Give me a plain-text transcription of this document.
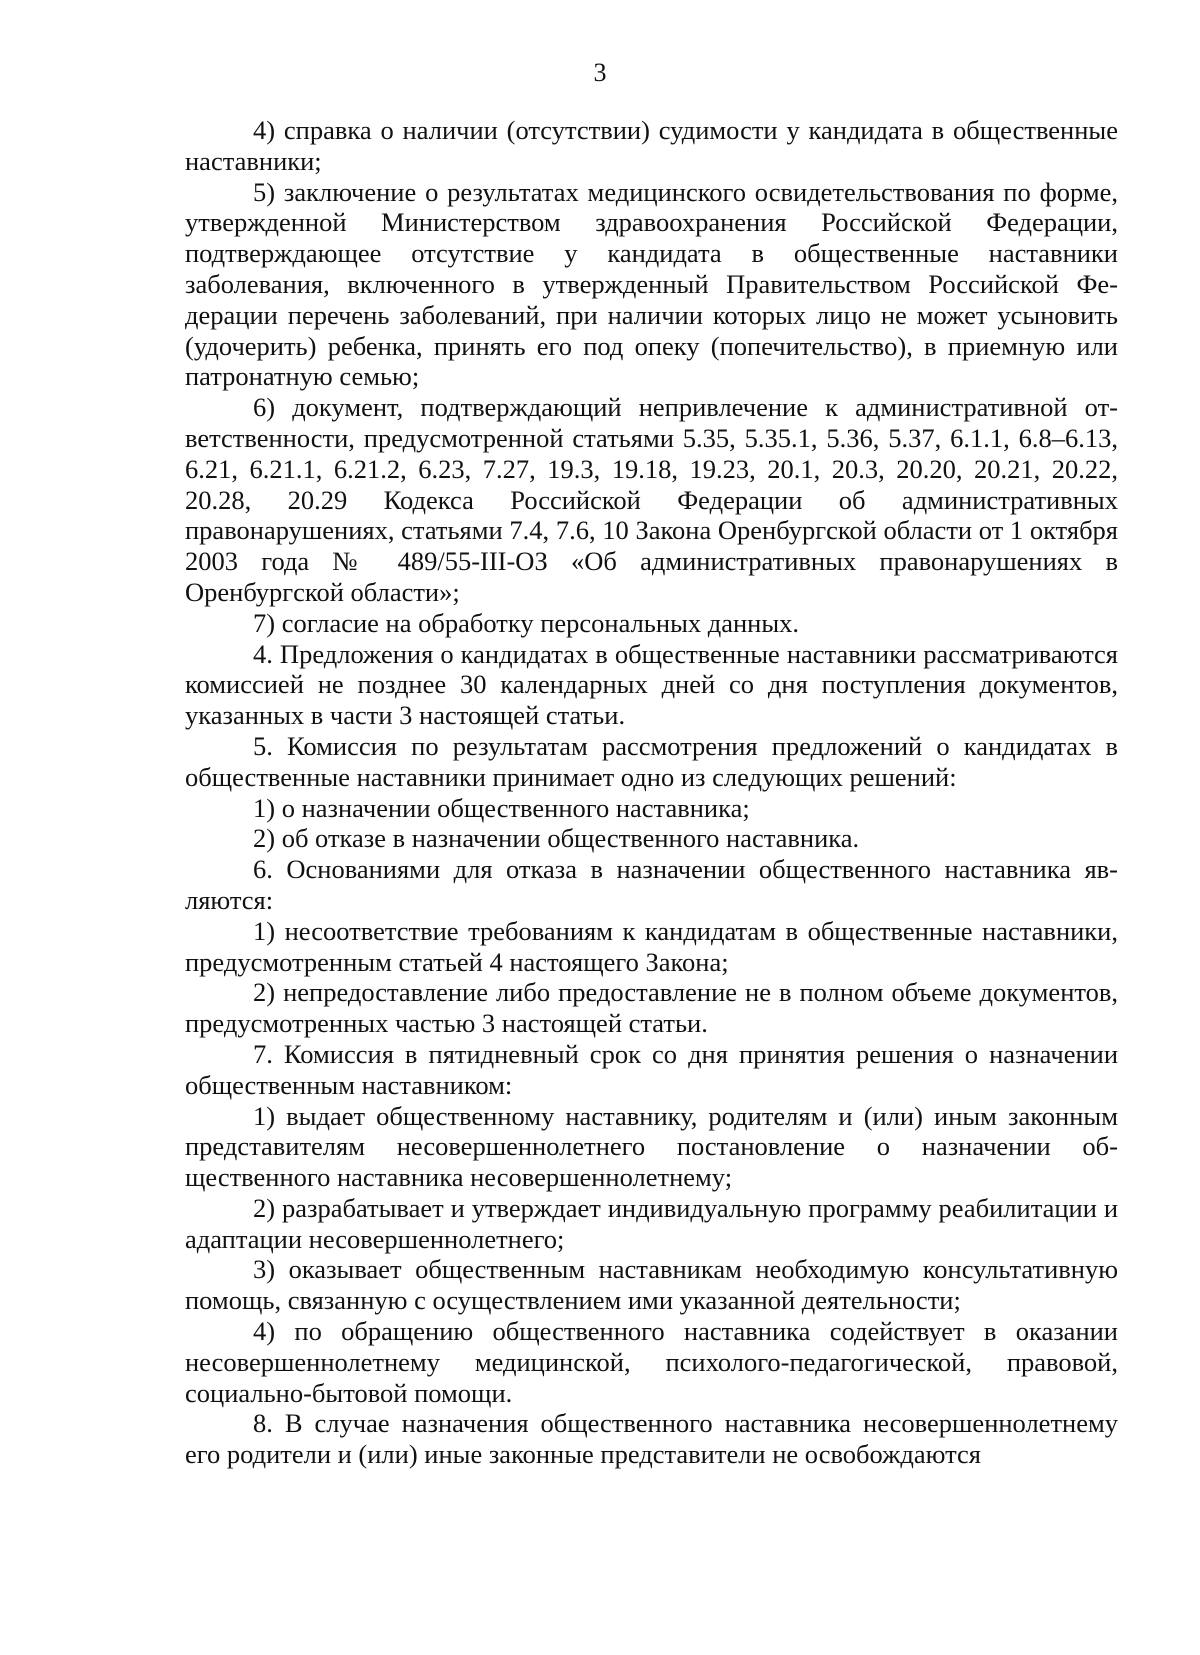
3

4) справка о наличии (отсутствии) судимости у кандидата в общественные наставники;

5) заключение о результатах медицинского освидетельствования по форме, утвержденной Министерством здравоохранения Российской Федерации, подтверждающее отсутствие у кандидата в общественные наставники заболевания, включенного в утвержденный Правительством Российской Федерации перечень заболеваний, при наличии которых лицо не может усыновить (удочерить) ребенка, принять его под опеку (попечительство), в приемную или патронатную семью;

6) документ, подтверждающий непривлечение к административной ответственности, предусмотренной статьями 5.35, 5.35.1, 5.36, 5.37, 6.1.1, 6.8–6.13, 6.21, 6.21.1, 6.21.2, 6.23, 7.27, 19.3, 19.18, 19.23, 20.1, 20.3, 20.20, 20.21, 20.22, 20.28, 20.29 Кодекса Российской Федерации об административных правонарушениях, статьями 7.4, 7.6, 10 Закона Оренбургской области от 1 октября 2003 года № 489/55-III-ОЗ «Об административных правонарушениях в Оренбургской области»;

7) согласие на обработку персональных данных.

4. Предложения о кандидатах в общественные наставники рассматриваются комиссией не позднее 30 календарных дней со дня поступления документов, указанных в части 3 настоящей статьи.

5. Комиссия по результатам рассмотрения предложений о кандидатах в общественные наставники принимает одно из следующих решений:

1) о назначении общественного наставника;

2) об отказе в назначении общественного наставника.

6. Основаниями для отказа в назначении общественного наставника являются:

1) несоответствие требованиям к кандидатам в общественные наставники, предусмотренным статьей 4 настоящего Закона;

2) непредоставление либо предоставление не в полном объеме документов, предусмотренных частью 3 настоящей статьи.

7. Комиссия в пятидневный срок со дня принятия решения о назначении общественным наставником:

1) выдает общественному наставнику, родителям и (или) иным законным представителям несовершеннолетнего постановление о назначении общественного наставника несовершеннолетнему;

2) разрабатывает и утверждает индивидуальную программу реабилитации и адаптации несовершеннолетнего;

3) оказывает общественным наставникам необходимую консультативную помощь, связанную с осуществлением ими указанной деятельности;

4) по обращению общественного наставника содействует в оказании несовершеннолетнему медицинской, психолого-педагогической, правовой, социально-бытовой помощи.

8. В случае назначения общественного наставника несовершеннолетнему его родители и (или) иные законные представители не освобождаются
